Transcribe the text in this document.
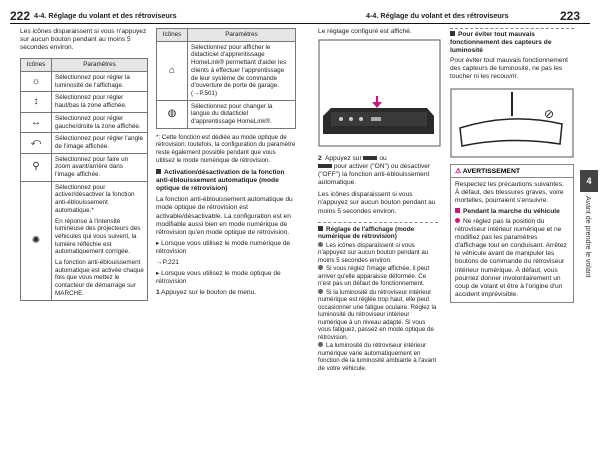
222 4-4. Réglage du volant et des rétroviseurs	4-4. Réglage du volant et des rétroviseurs	223
Les icônes disparaissent si vous n'appuyez sur aucun bouton pendant au moins 5 secondes environ.
Icônes	Paramètres
☼	Sélectionnez pour régler la luminosité de l'affichage.
↕	Sélectionnez pour régler haut/bas la zone affichée.
↔	Sélectionnez pour régler gauche/droite la zone affichée.
⤺	Sélectionnez pour régler l'angle de l'image affichée.
⚲	Sélectionnez pour faire un zoom avant/arrière dans l'image affichée.
✺	Sélectionnez pour activer/désactiver la fonction anti-éblouissement automatique.*
En réponse à l'intensité lumineuse des projecteurs des véhicules qui vous suivent, la lumière réfléchie est automatiquement corrigée.
La fonction anti-éblouissement automatique est activée chaque fois que vous mettez le contacteur de démarrage sur MARCHE.
Icônes	Paramètres
⌂	Sélectionnez pour afficher le didacticiel d'apprentissage HomeLink® permettant d'aider les clients à effectuer l'apprentissage de leur système de commande d'ouverture de porte de garage. (→P.501)
◍	Sélectionnez pour changer la langue du didacticiel d'apprentissage HomeLink®.
*: Cette fonction est dédiée au mode optique de rétrovision; toutefois, la configuration du paramètre reste également possible pendant que vous utilisez le mode numérique de rétrovision.
Activation/désactivation de la fonction anti-éblouissement automatique (mode optique de rétrovision)
La fonction anti-éblouissement automatique du mode optique de rétrovision est activable/désactivable. La configuration est en modifiable aussi bien en mode numérique de rétrovision qu'en mode optique de rétrovision.
▸ Lorsque vous utilisez le mode numérique de rétrovision
→P.221
▸ Lorsque vous utilisez le mode optique de rétrovision
1 Appuyez sur le bouton de menu.
Le réglage configuré est affiché.
2 Appuyez sur	ou
pour activer ("ON") ou désactiver ("OFF") la fonction anti-éblouissement automatique.
Les icônes disparaissent si vous n'appuyez sur aucun bouton pendant au moins 5 secondes environ.
Réglage de l'affichage (mode numérique de rétrovision)
Les icônes disparaissent si vous n'appuyez sur aucun bouton pendant au moins 5 secondes environ.
Si vous réglez l'image affichée, il peut arriver qu'elle apparaisse déformée. Ce n'est pas un défaut de fonctionnement.
Si la luminosité du rétroviseur intérieur numérique est réglée trop haut, elle peut occasionner une fatigue oculaire. Réglez la luminosité du rétroviseur intérieur numérique à un niveau adapté. Si vous vous fatiguez, passez en mode optique de rétrovision.
La luminosité du rétroviseur intérieur numérique varie automatiquement en fonction de la luminosité ambiante à l'avant de votre véhicule.
Pour éviter tout mauvais fonctionnement des capteurs de luminosité
Pour éviter tout mauvais fonctionnement des capteurs de luminosité, ne pas les toucher ni les recouvrir.
⊘
⚠ AVERTISSEMENT
Respectez les précautions suivantes. À défaut, des blessures graves, voire mortelles, pourraient s'ensuivre.
Pendant la marche du véhicule
Ne réglez pas la position du rétroviseur intérieur numérique et ne modifiez pas les paramètres d'affichage tout en conduisant. Arrêtez le véhicule avant de manipuler les boutons de commande du rétroviseur intérieur numérique. À défaut, vous pourriez donner involontairement un coup de volant et être à l'origine d'un accident imprévisible.
4
Avant de prendre le volant
